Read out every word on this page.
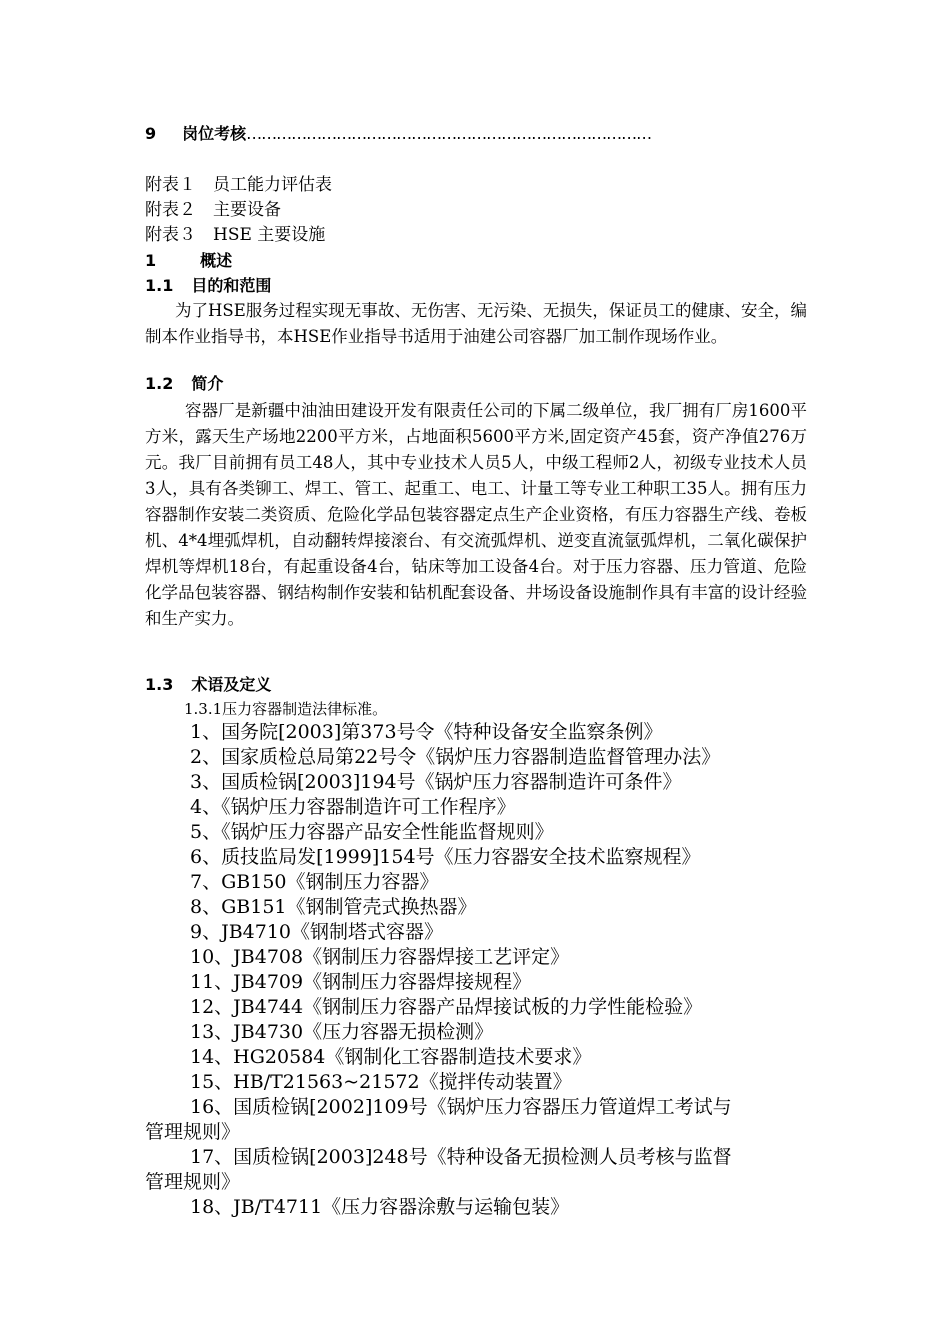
9 岗位考核………………………………………………………………………
附表１　员工能力评估表
附表２　主要设备
附表３　HSE 主要设施
1	概述
1.1 目的和范围
为了HSE服务过程实现无事故、无伤害、无污染、无损失，保证员工的健康、安全，编制本作业指导书，本HSE作业指导书适用于油建公司容器厂加工制作现场作业。
1.2 简介
容器厂是新疆中油油田建设开发有限责任公司的下属二级单位，我厂拥有厂房1600平方米，露天生产场地2200平方米，占地面积5600平方米,固定资产45套，资产净值276万元。我厂目前拥有员工48人，其中专业技术人员5人，中级工程师2人，初级专业技术人员3人，具有各类铆工、焊工、管工、起重工、电工、计量工等专业工种职工35人。拥有压力容器制作安装二类资质、危险化学品包装容器定点生产企业资格，有压力容器生产线、卷板机、4*4埋弧焊机，自动翻转焊接滚台、有交流弧焊机、逆变直流氩弧焊机，二氧化碳保护焊机等焊机18台，有起重设备4台，钻床等加工设备4台。对于压力容器、压力管道、危险化学品包装容器、钢结构制作安装和钻机配套设备、井场设备设施制作具有丰富的设计经验和生产实力。
1.3 术语及定义
1.3.1压力容器制造法律标准。
1、国务院[2003]第373号令《特种设备安全监察条例》
2、国家质检总局第22号令《锅炉压力容器制造监督管理办法》
3、国质检锅[2003]194号《锅炉压力容器制造许可条件》
4、《锅炉压力容器制造许可工作程序》
5、《锅炉压力容器产品安全性能监督规则》
6、质技监局发[1999]154号《压力容器安全技术监察规程》
7、GB150《钢制压力容器》
8、GB151《钢制管壳式换热器》
9、JB4710《钢制塔式容器》
10、JB4708《钢制压力容器焊接工艺评定》
11、JB4709《钢制压力容器焊接规程》
12、JB4744《钢制压力容器产品焊接试板的力学性能检验》
13、JB4730《压力容器无损检测》
14、HG20584《钢制化工容器制造技术要求》
15、HB/T21563~21572《搅拌传动装置》
16、国质检锅[2002]109号《锅炉压力容器压力管道焊工考试与
管理规则》
17、国质检锅[2003]248号《特种设备无损检测人员考核与监督
管理规则》
18、JB/T4711《压力容器涂敷与运输包装》
